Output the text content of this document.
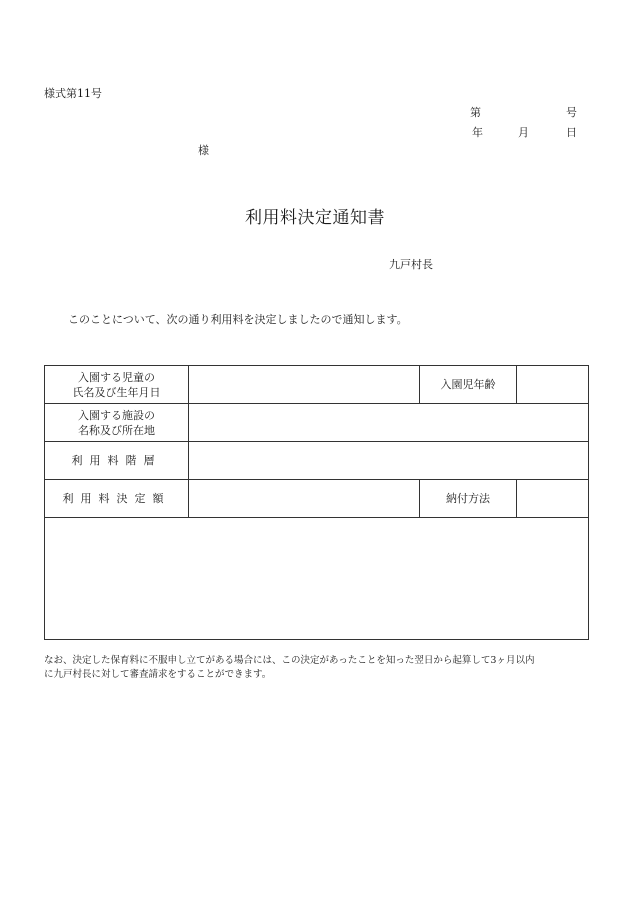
様式第11号
第	号
年	月	日
様
利用料決定通知書
九戸村長
このことについて、次の通り利用料を決定しましたので通知します。
入園する児童の
氏名及び生年月日		入園児年齢	
入園する施設の
名称及び所在地			
利用料階層			
利用料決定額		納付方法	

なお、決定した保育料に不服申し立てがある場合には、この決定があったことを知った翌日から起算して3ヶ月以内
に九戸村長に対して審査請求をすることができます。
